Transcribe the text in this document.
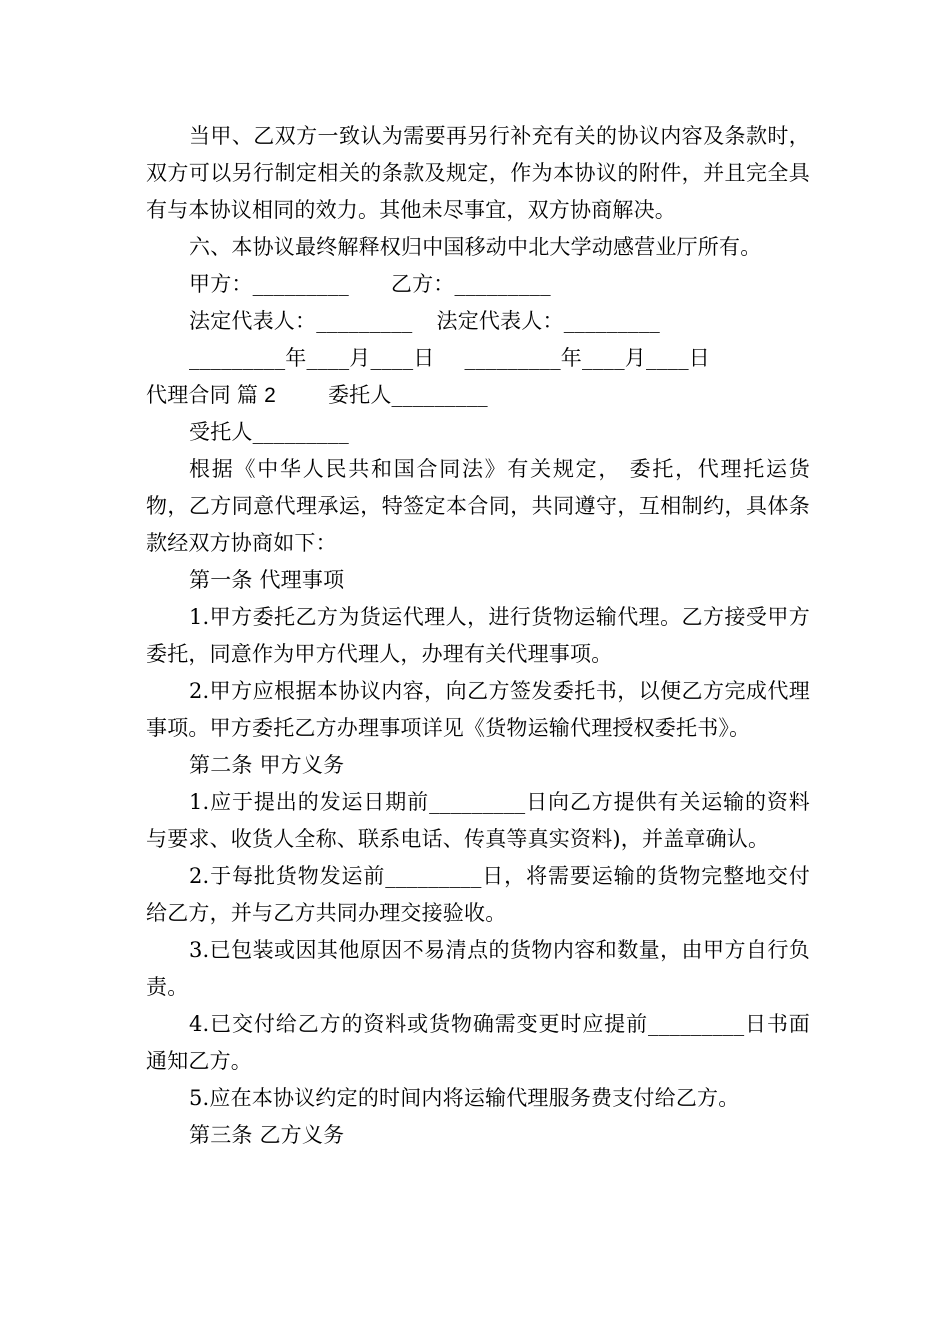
当甲、乙双方一致认为需要再另行补充有关的协议内容及条款时，双方可以另行制定相关的条款及规定，作为本协议的附件，并且完全具有与本协议相同的效力。其他未尽事宜，双方协商解决。

六、本协议最终解释权归中国移动中北大学动感营业厅所有。

甲方：_________ 乙方：_________

法定代表人：_________ 法定代表人：_________

_________年____月____日 _________年____月____日

代理合同 篇 2 委托人_________

受托人_________

根据《中华人民共和国合同法》有关规定， 委托，代理托运货物，乙方同意代理承运，特签定本合同，共同遵守，互相制约，具体条款经双方协商如下：

第一条 代理事项

1.甲方委托乙方为货运代理人，进行货物运输代理。乙方接受甲方委托，同意作为甲方代理人，办理有关代理事项。

2.甲方应根据本协议内容，向乙方签发委托书，以便乙方完成代理事项。甲方委托乙方办理事项详见《货物运输代理授权委托书》。

第二条 甲方义务

1.应于提出的发运日期前_________日向乙方提供有关运输的资料与要求、收货人全称、联系电话、传真等真实资料)，并盖章确认。

2.于每批货物发运前_________日，将需要运输的货物完整地交付给乙方，并与乙方共同办理交接验收。

3.已包装或因其他原因不易清点的货物内容和数量，由甲方自行负责。

4.已交付给乙方的资料或货物确需变更时应提前_________日书面通知乙方。

5.应在本协议约定的时间内将运输代理服务费支付给乙方。

第三条 乙方义务
